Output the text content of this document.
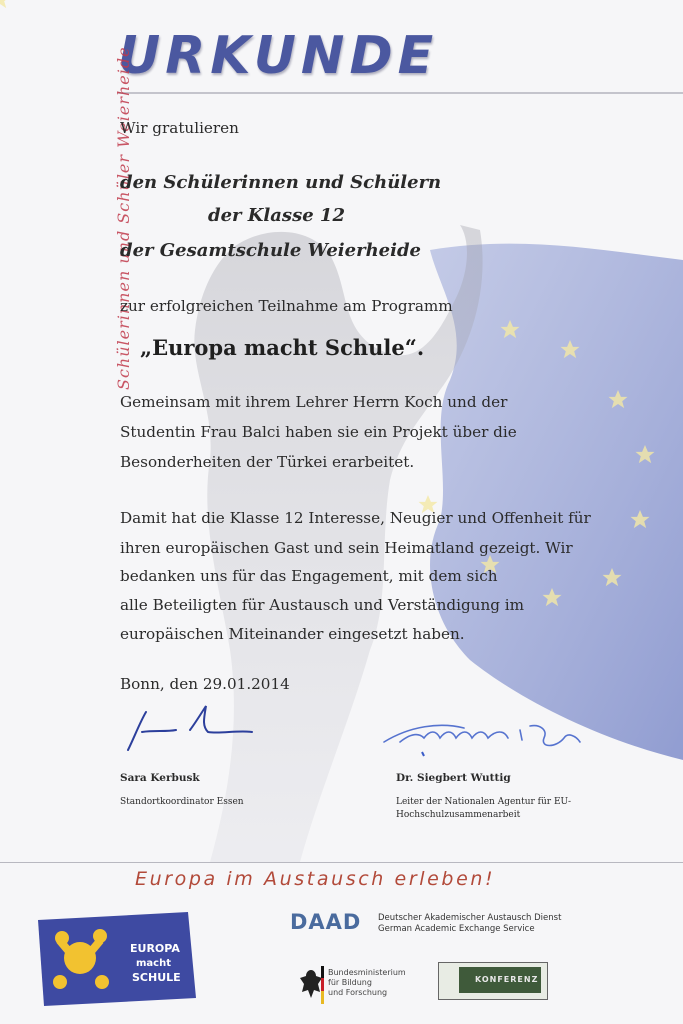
URKUNDE
Schülerinnen und Schüler Weierheide
Wir gratulieren
den Schülerinnen und Schülern
der Klasse 12
der Gesamtschule Weierheide
zur erfolgreichen Teilnahme am Programm
„Europa macht Schule“.
Gemeinsam mit ihrem Lehrer Herrn Koch und der
Studentin Frau Balci haben sie ein Projekt über die
Besonderheiten der Türkei erarbeitet.
Damit hat die Klasse 12 Interesse, Neugier und Offenheit für
ihren europäischen Gast und sein Heimatland gezeigt. Wir
bedanken uns für das Engagement, mit dem sich
alle Beteiligten für Austausch und Verständigung im
europäischen Miteinander eingesetzt haben.
Bonn, den 29.01.2014
Sara Kerbusk
Standortkoordinator Essen
Dr. Siegbert Wuttig
Leiter der Nationalen Agentur für EU-
Hochschulzusammenarbeit
Europa im Austausch erleben!
EUROPA
macht
SCHULE
DAAD Deutscher Akademischer Austausch Dienst
German Academic Exchange Service
Bundesministerium
für Bildung
und Forschung
KONFERENZ
